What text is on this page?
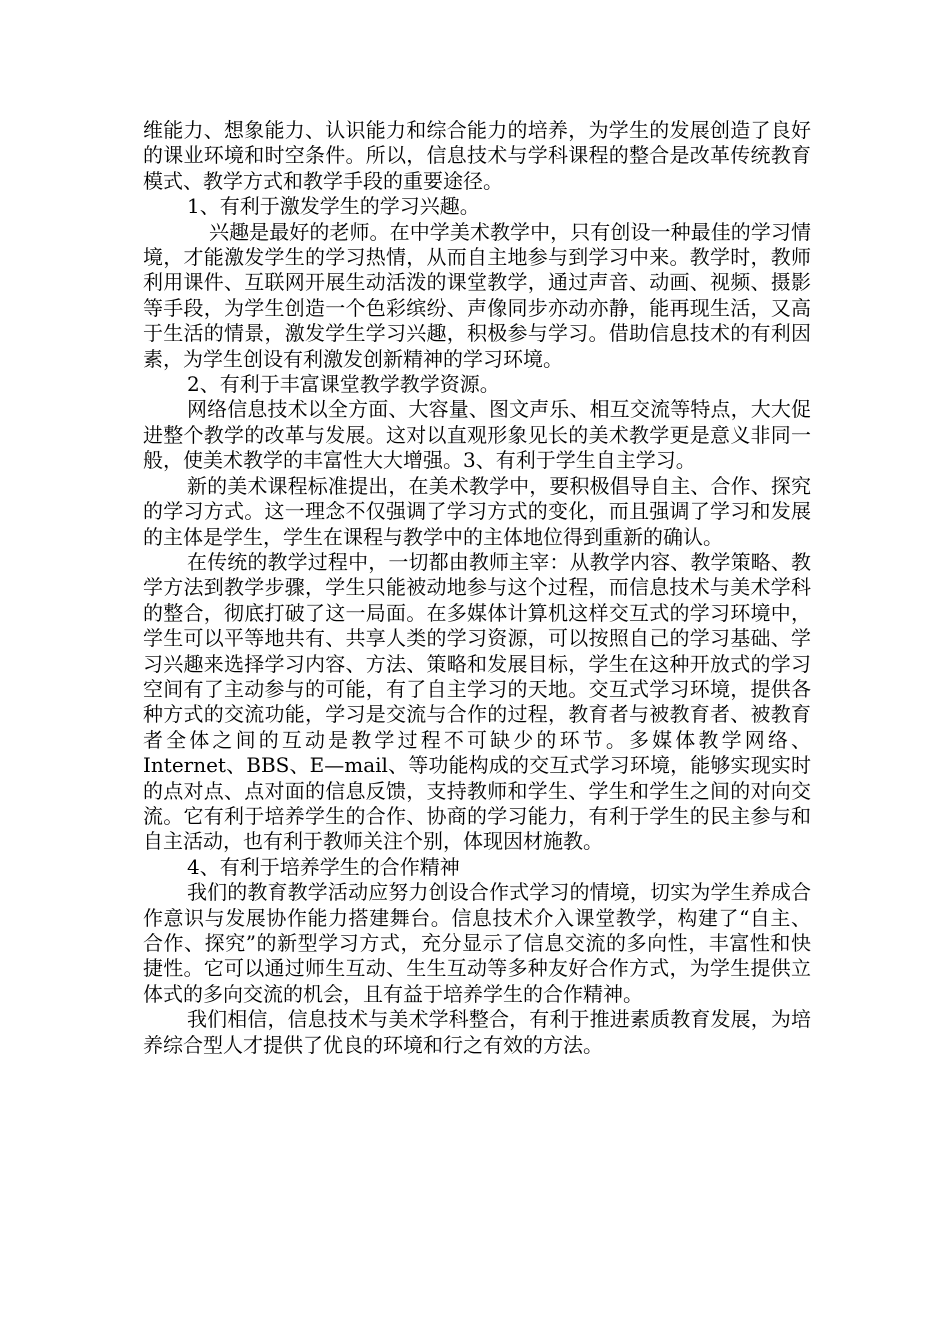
维能力、想象能力、认识能力和综合能力的培养，为学生的发展创造了良好的课业环境和时空条件。所以，信息技术与学科课程的整合是改革传统教育模式、教学方式和教学手段的重要途径。

1、有利于激发学生的学习兴趣。

兴趣是最好的老师。在中学美术教学中，只有创设一种最佳的学习情境，才能激发学生的学习热情，从而自主地参与到学习中来。教学时，教师利用课件、互联网开展生动活泼的课堂教学，通过声音、动画、视频、摄影等手段，为学生创造一个色彩缤纷、声像同步亦动亦静，能再现生活，又高于生活的情景，激发学生学习兴趣，积极参与学习。借助信息技术的有利因素，为学生创设有利激发创新精神的学习环境。

2、有利于丰富课堂教学教学资源。

网络信息技术以全方面、大容量、图文声乐、相互交流等特点，大大促进整个教学的改革与发展。这对以直观形象见长的美术教学更是意义非同一般，使美术教学的丰富性大大增强。3、有利于学生自主学习。

新的美术课程标准提出，在美术教学中，要积极倡导自主、合作、探究的学习方式。这一理念不仅强调了学习方式的变化，而且强调了学习和发展的主体是学生，学生在课程与教学中的主体地位得到重新的确认。

在传统的教学过程中，一切都由教师主宰：从教学内容、教学策略、教学方法到教学步骤，学生只能被动地参与这个过程，而信息技术与美术学科的整合，彻底打破了这一局面。在多媒体计算机这样交互式的学习环境中，学生可以平等地共有、共享人类的学习资源，可以按照自己的学习基础、学习兴趣来选择学习内容、方法、策略和发展目标，学生在这种开放式的学习空间有了主动参与的可能，有了自主学习的天地。交互式学习环境，提供各种方式的交流功能，学习是交流与合作的过程，教育者与被教育者、被教育者全体之间的互动是教学过程不可缺少的环节。多媒体教学网络、Internet、BBS、E—mail、等功能构成的交互式学习环境，能够实现实时的点对点、点对面的信息反馈，支持教师和学生、学生和学生之间的对向交流。它有利于培养学生的合作、协商的学习能力，有利于学生的民主参与和自主活动，也有利于教师关注个别，体现因材施教。

4、有利于培养学生的合作精神

我们的教育教学活动应努力创设合作式学习的情境，切实为学生养成合作意识与发展协作能力搭建舞台。信息技术介入课堂教学，构建了“自主、合作、探究”的新型学习方式，充分显示了信息交流的多向性，丰富性和快捷性。它可以通过师生互动、生生互动等多种友好合作方式，为学生提供立体式的多向交流的机会，且有益于培养学生的合作精神。

我们相信，信息技术与美术学科整合，有利于推进素质教育发展，为培养综合型人才提供了优良的环境和行之有效的方法。
